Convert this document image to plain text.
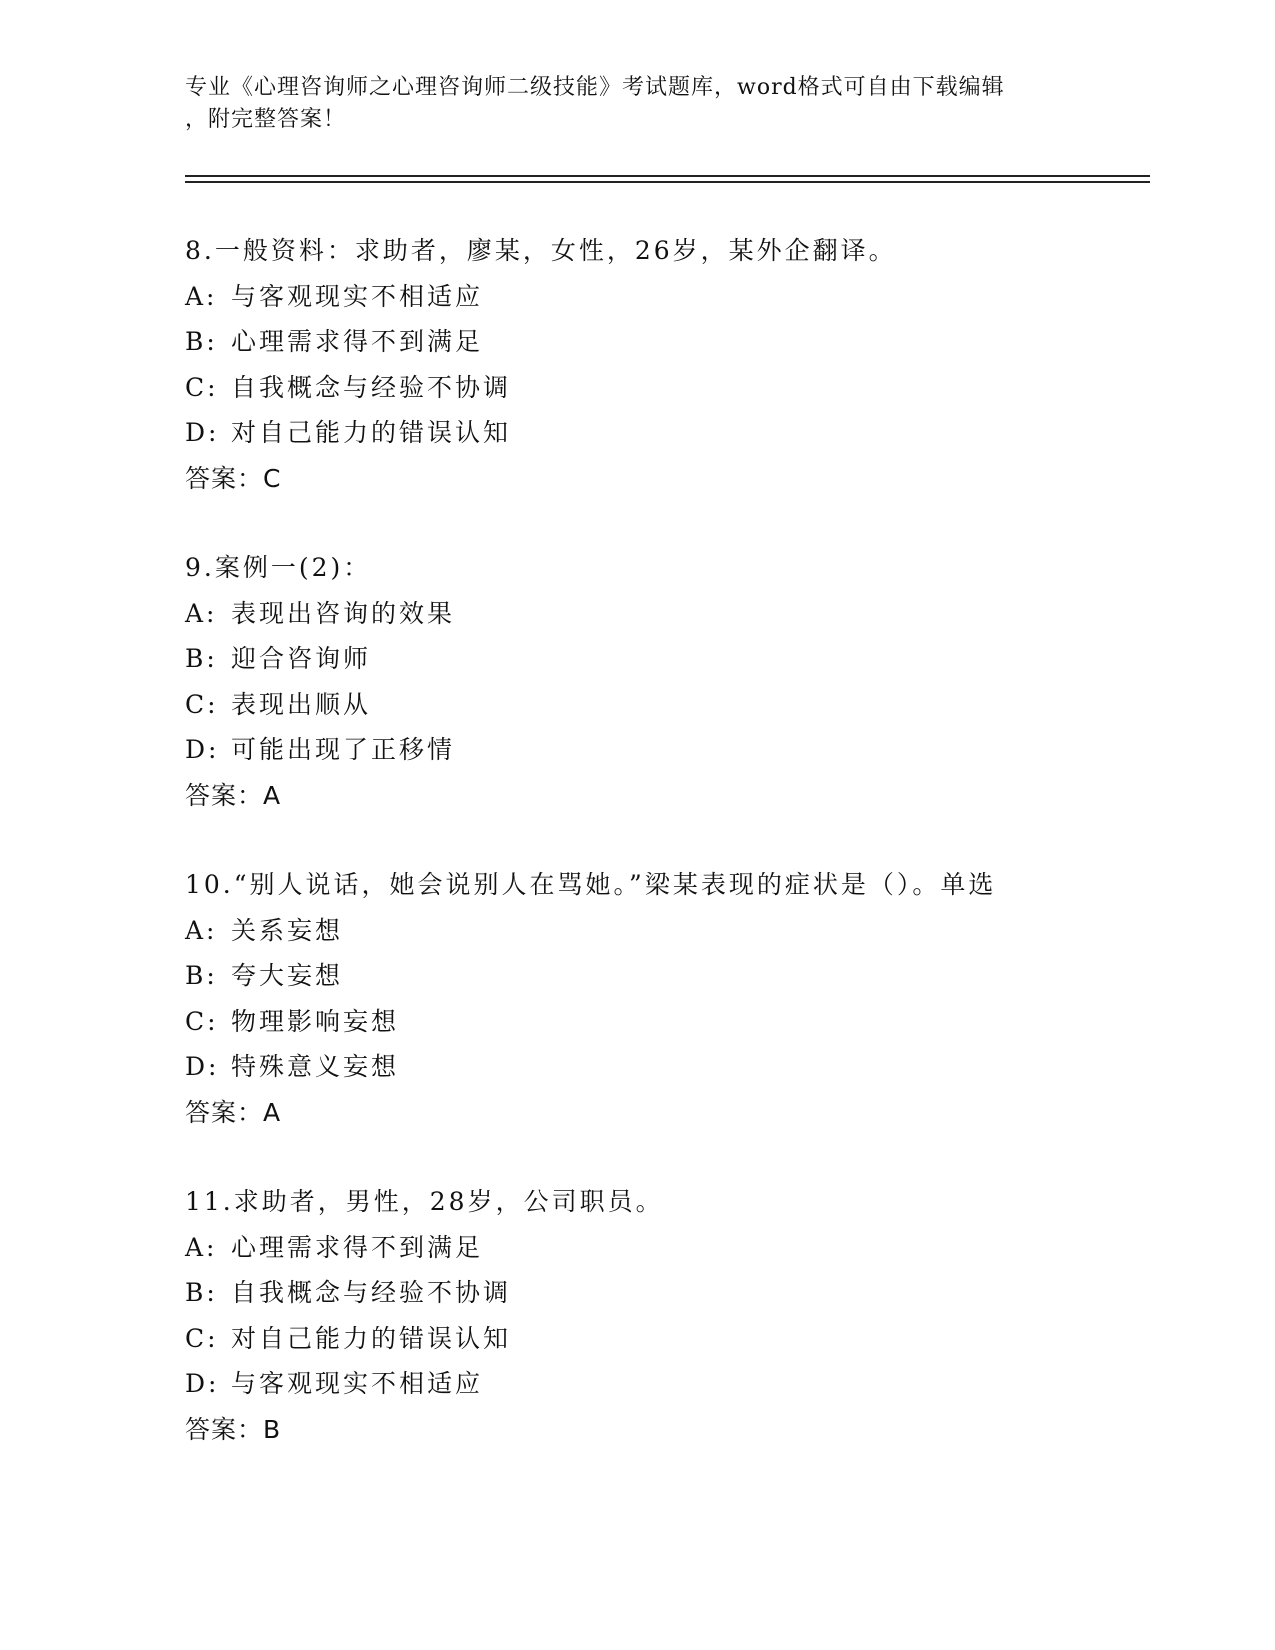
专业《心理咨询师之心理咨询师二级技能》考试题库，word格式可自由下载编辑
，附完整答案！
8.一般资料：求助者，廖某，女性，26岁，某外企翻译。
A: 与客观现实不相适应
B: 心理需求得不到满足
C: 自我概念与经验不协调
D: 对自己能力的错误认知
答案：C
9.案例一(2)：
A: 表现出咨询的效果
B: 迎合咨询师
C: 表现出顺从
D: 可能出现了正移情
答案：A
10.“别人说话，她会说别人在骂她。”梁某表现的症状是（）。单选
A: 关系妄想
B: 夸大妄想
C: 物理影响妄想
D: 特殊意义妄想
答案：A
11.求助者，男性，28岁，公司职员。
A: 心理需求得不到满足
B: 自我概念与经验不协调
C: 对自己能力的错误认知
D: 与客观现实不相适应
答案：B
